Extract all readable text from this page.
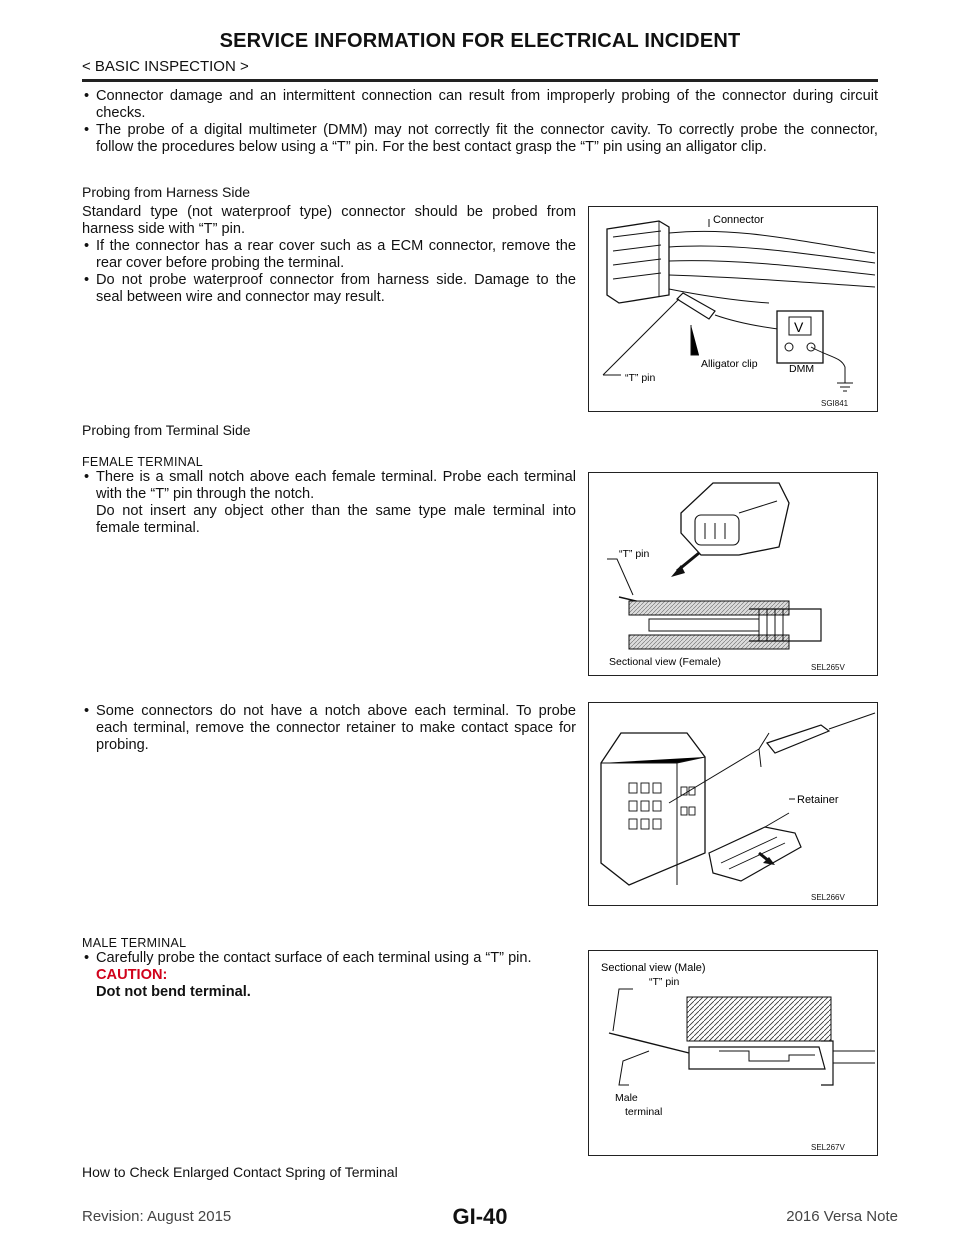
SERVICE INFORMATION FOR ELECTRICAL INCIDENT
< BASIC INSPECTION >
• Connector damage and an intermittent connection can result from improperly probing of the connector during circuit checks.
• The probe of a digital multimeter (DMM) may not correctly fit the connector cavity. To correctly probe the connector, follow the procedures below using a “T” pin. For the best contact grasp the “T” pin using an alligator clip.
Probing from Harness Side
Standard type (not waterproof type) connector should be probed from harness side with “T” pin.
• If the connector has a rear cover such as a ECM connector, remove the rear cover before probing the terminal.
• Do not probe waterproof connector from harness side. Damage to the seal between wire and connector may result.
Connector
Alligator clip
“T” pin
DMM
V
SGI841
Probing from Terminal Side
FEMALE TERMINAL
• There is a small notch above each female terminal. Probe each terminal with the “T” pin through the notch.
Do not insert any object other than the same type male terminal into female terminal.
“T” pin
Sectional view (Female)	SEL265V
• Some connectors do not have a notch above each terminal. To probe each terminal, remove the connector retainer to make contact space for probing.
Retainer
SEL266V
MALE TERMINAL
• Carefully probe the contact surface of each terminal using a “T” pin.
CAUTION:
Dot not bend terminal.
Sectional view (Male)
“T” pin
Male
terminal
SEL267V
How to Check Enlarged Contact Spring of Terminal
Revision: August 2015	GI-40	2016 Versa Note
